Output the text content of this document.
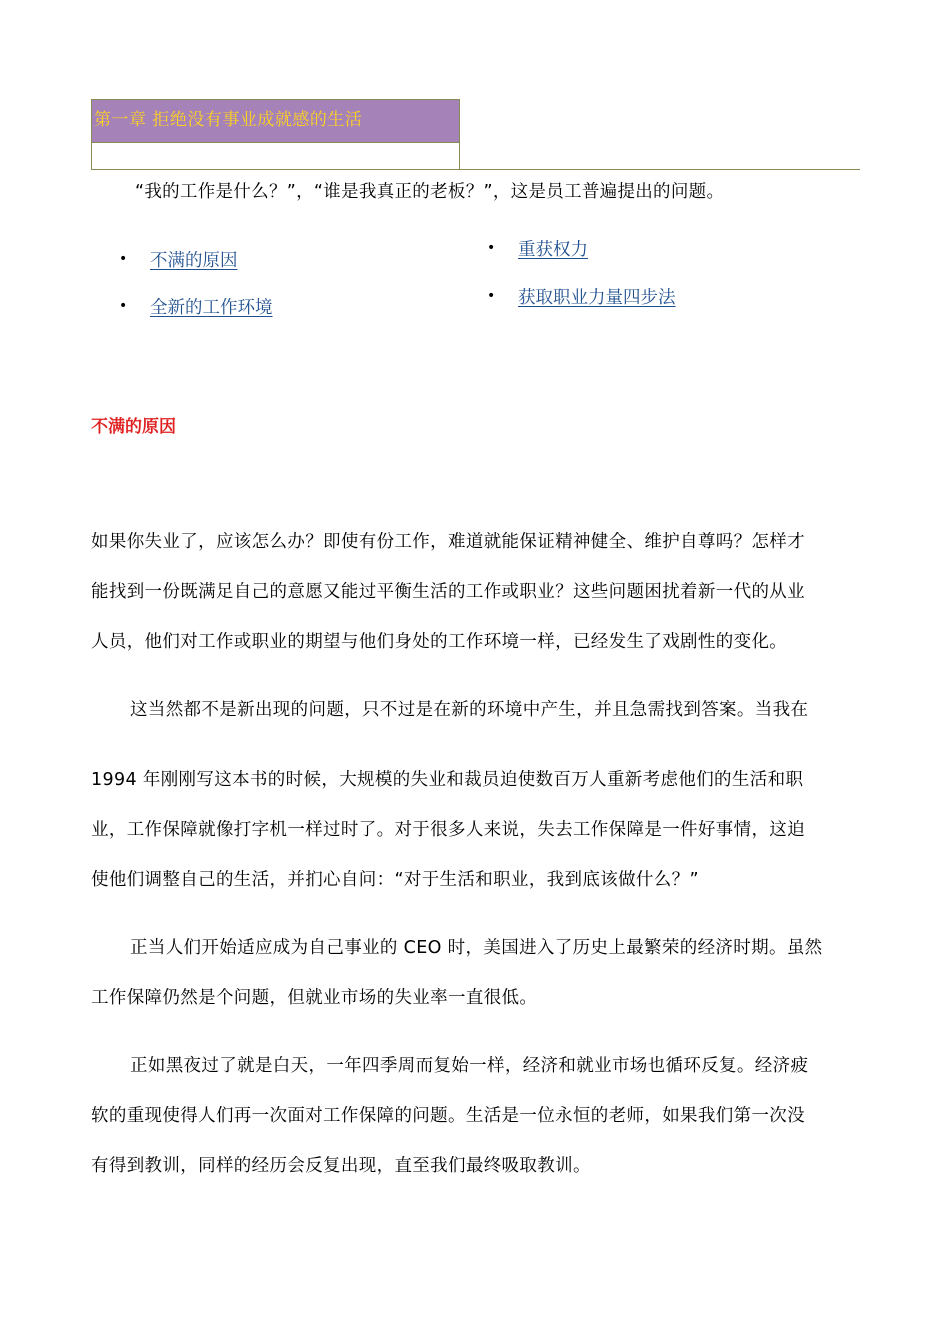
第一章 拒绝没有事业成就感的生活
“我的工作是什么？”，“谁是我真正的老板？”，这是员工普遍提出的问题。
• 不满的原因
• 全新的工作环境
• 重获权力
• 获取职业力量四步法
不满的原因
如果你失业了，应该怎么办？即使有份工作，难道就能保证精神健全、维护自尊吗？怎样才
能找到一份既满足自己的意愿又能过平衡生活的工作或职业？这些问题困扰着新一代的从业
人员，他们对工作或职业的期望与他们身处的工作环境一样，已经发生了戏剧性的变化。
这当然都不是新出现的问题，只不过是在新的环境中产生，并且急需找到答案。当我在
1994 年刚刚写这本书的时候，大规模的失业和裁员迫使数百万人重新考虑他们的生活和职
业，工作保障就像打字机一样过时了。对于很多人来说，失去工作保障是一件好事情，这迫
使他们调整自己的生活，并扪心自问：“对于生活和职业，我到底该做什么？”
正当人们开始适应成为自己事业的 CEO 时，美国进入了历史上最繁荣的经济时期。虽然
工作保障仍然是个问题，但就业市场的失业率一直很低。
正如黑夜过了就是白天，一年四季周而复始一样，经济和就业市场也循环反复。经济疲
软的重现使得人们再一次面对工作保障的问题。生活是一位永恒的老师，如果我们第一次没
有得到教训，同样的经历会反复出现，直至我们最终吸取教训。
